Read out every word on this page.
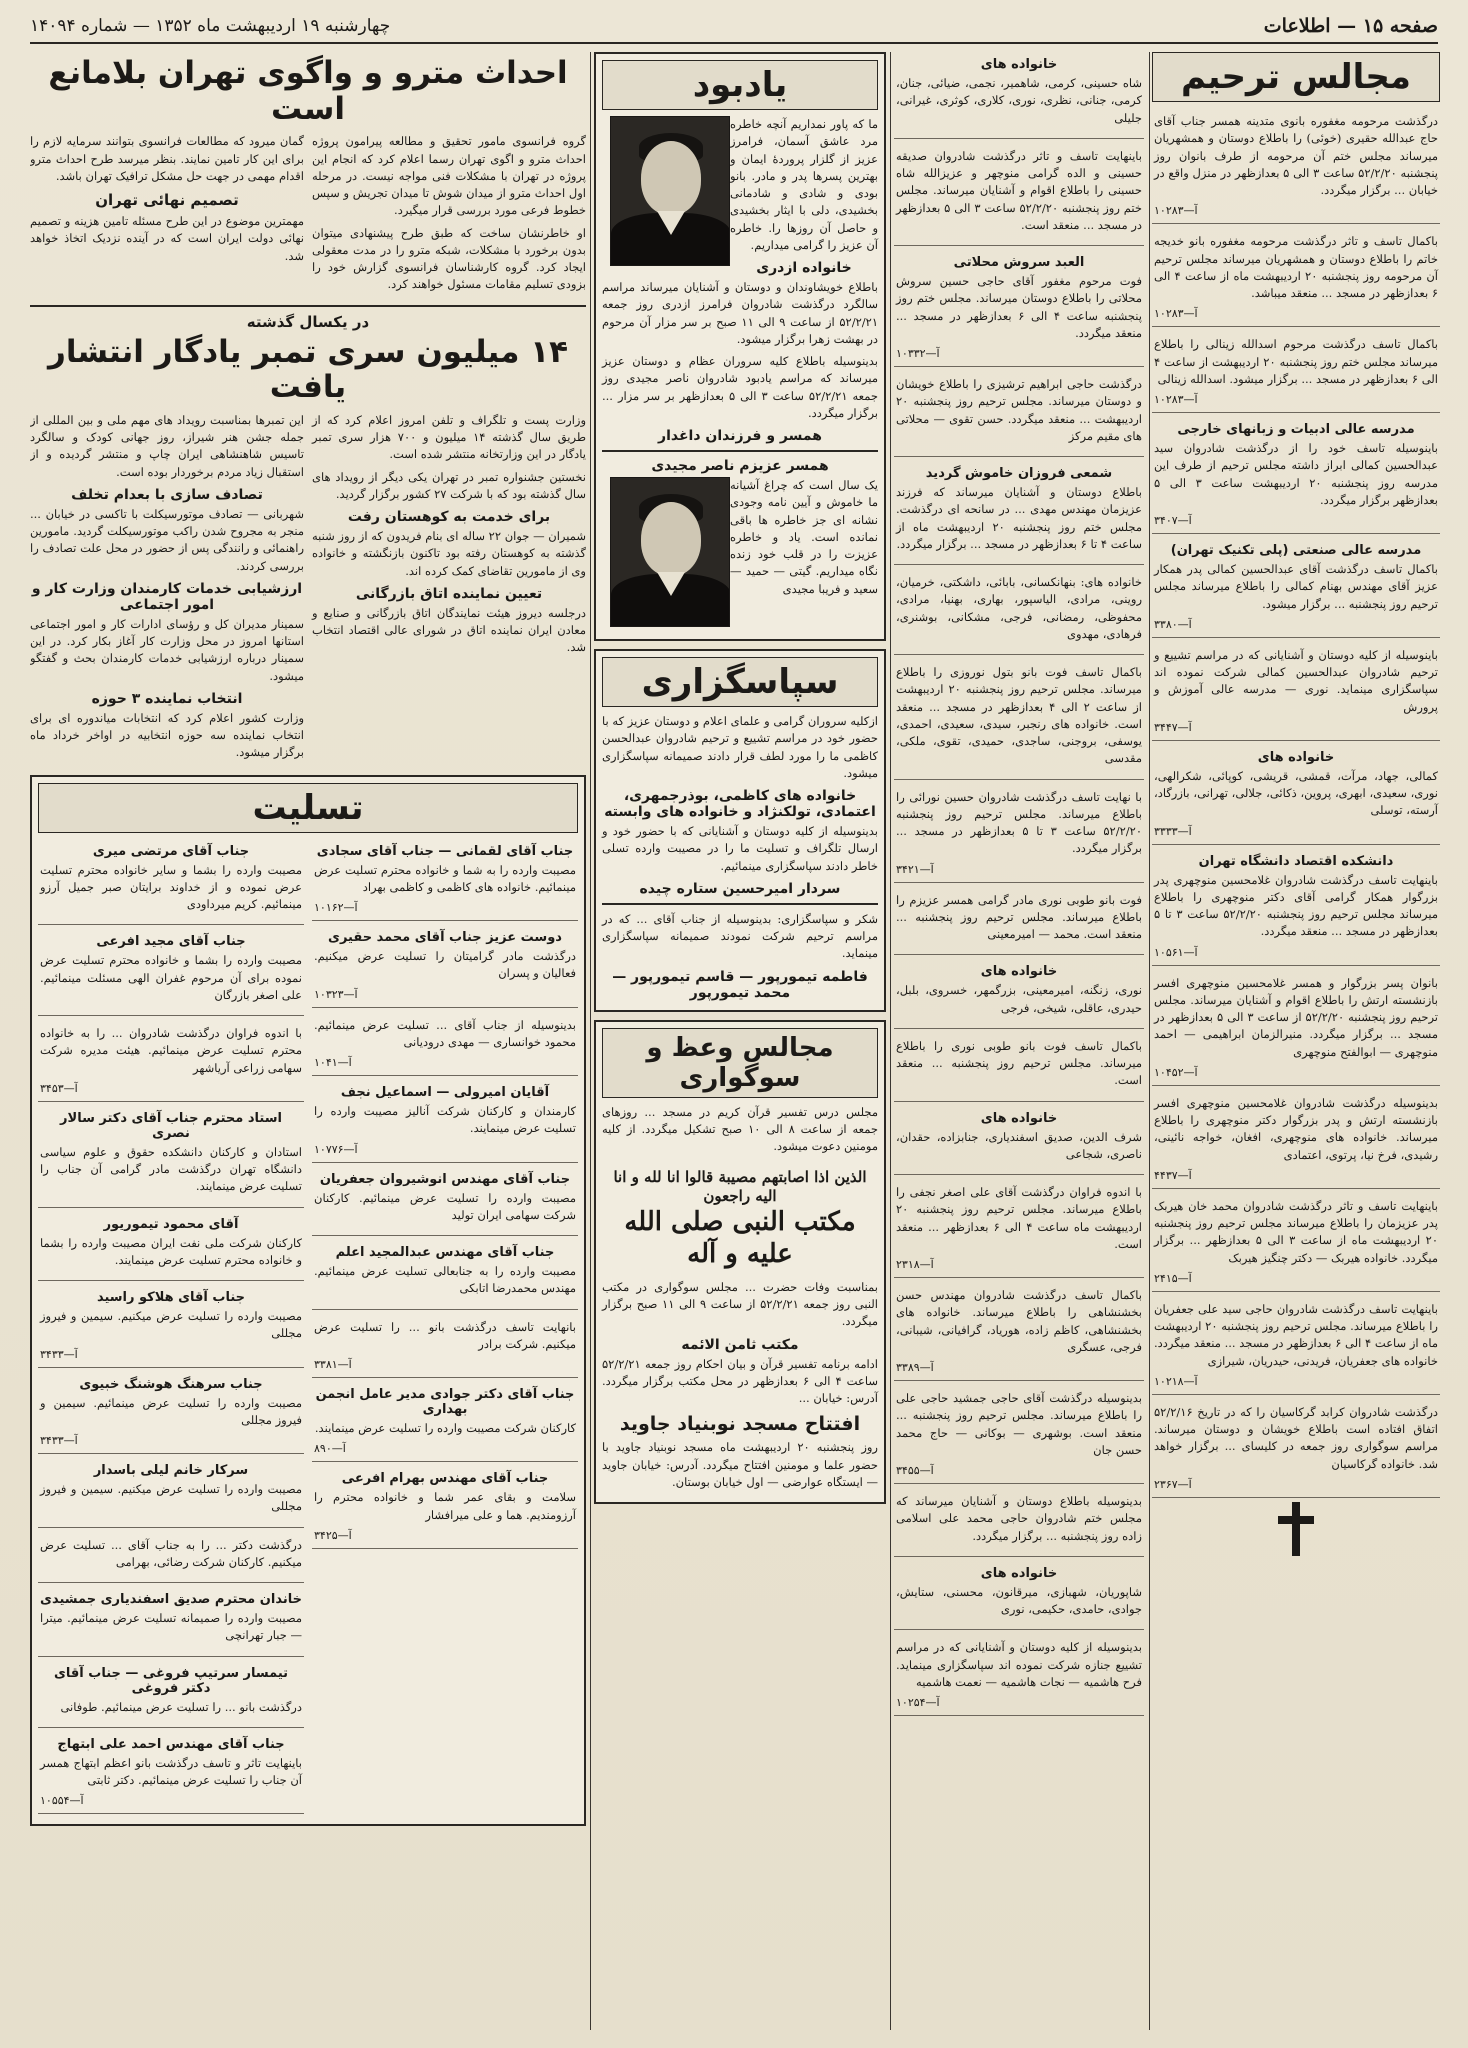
صفحه ۱۵ — اطلاعات
چهارشنبه ۱۹ اردیبهشت ماه ۱۳۵۲ — شماره ۱۴۰۹۴
مجالس ترحیم

درگذشت مرحومه مغفوره بانوی متدینه همسر جناب آقای حاج عبدالله حقیری (خوئی) را باطلاع دوستان و همشهریان میرساند مجلس ختم آن مرحومه از طرف بانوان روز پنجشنبه ۵۲/۲/۲۰ ساعت ۳ الی ۵ بعدازظهر در منزل واقع در خیابان ... برگزار میگردد.

آ—۱۰۲۸۳

باکمال تاسف و تاثر درگذشت مرحومه مغفوره بانو خدیجه خاتم را باطلاع دوستان و همشهریان میرساند مجلس ترحیم آن مرحومه روز پنجشنبه ۲۰ اردیبهشت ماه از ساعت ۴ الی ۶ بعدازظهر در مسجد ... منعقد میباشد.

آ—۱۰۲۸۳

باکمال تاسف درگذشت مرحوم اسدالله زینالی را باطلاع میرساند مجلس ختم روز پنجشنبه ۲۰ اردیبهشت از ساعت ۴ الی ۶ بعدازظهر در مسجد ... برگزار میشود. اسدالله زینالی

آ—۱۰۲۸۳
مدرسه عالی ادبیات و زبانهای خارجی

باینوسیله تاسف خود را از درگذشت شادروان سید عبدالحسین کمالی ابراز داشته مجلس ترحیم از طرف این مدرسه روز پنجشنبه ۲۰ اردیبهشت ساعت ۳ الی ۵ بعدازظهر برگزار میگردد.

آ—۳۴۰۷
مدرسه عالی صنعتی (پلی تکنیک تهران)

باکمال تاسف درگذشت آقای عبدالحسین کمالی پدر همکار عزیز آقای مهندس بهنام کمالی را باطلاع میرساند مجلس ترحیم روز پنجشنبه ... برگزار میشود.

آ—۳۳۸۰

باینوسیله از کلیه دوستان و آشنایانی که در مراسم تشییع و ترحیم شادروان عبدالحسین کمالی شرکت نموده اند سپاسگزاری مینماید. نوری — مدرسه عالی آموزش و پرورش

آ—۳۴۴۷
خانواده های

کمالی، جهاد، مرآت، قمشی، قریشی، کوپائی، شکرالهی، نوری، سعیدی، ابهری، پروین، ذکائی، جلالی، تهرانی، بازرگاد، آرسته، توسلی

آ—۳۳۳۳
دانشکده اقتصاد دانشگاه تهران

باینهایت تاسف درگذشت شادروان غلامحسین منوچهری پدر بزرگوار همکار گرامی آقای دکتر منوچهری را باطلاع میرساند مجلس ترحیم روز پنجشنبه ۵۲/۲/۲۰ ساعت ۳ تا ۵ بعدازظهر در مسجد ... منعقد میگردد.

آ—۱۰۵۶۱

بانوان پسر بزرگوار و همسر غلامحسین منوچهری افسر بازنشسته ارتش را باطلاع اقوام و آشنایان میرساند. مجلس ترحیم روز پنجشنبه ۵۲/۲/۲۰ از ساعت ۳ الی ۵ بعدازظهر در مسجد ... برگزار میگردد. منیرالزمان ابراهیمی — احمد منوچهری — ابوالفتح منوچهری

آ—۱۰۴۵۲

بدینوسیله درگذشت شادروان غلامحسین منوچهری افسر بازنشسته ارتش و پدر بزرگوار دکتر منوچهری را باطلاع میرساند. خانواده های منوچهری، افغان، خواجه نائینی، رشیدی، فرخ نیا، پرتوی، اعتمادی

آ—۴۴۳۷

باینهایت تاسف و تاثر درگذشت شادروان محمد خان هیربک پدر عزیزمان را باطلاع میرساند مجلس ترحیم روز پنجشنبه ۲۰ اردیبهشت ماه از ساعت ۳ الی ۵ بعدازظهر ... برگزار میگردد. خانواده هیربک — دکتر چنگیز هیربک

آ—۲۴۱۵

باینهایت تاسف درگذشت شادروان حاجی سید علی جعفریان را باطلاع میرساند. مجلس ترحیم روز پنجشنبه ۲۰ اردیبهشت ماه از ساعت ۴ الی ۶ بعدازظهر در مسجد ... منعقد میگردد. خانواده های جعفریان، فریدنی، حیدریان، شیرازی

آ—۱۰۲۱۸

درگذشت شادروان کرابد گرکاسیان را که در تاریخ ۵۲/۲/۱۶ اتفاق افتاده است باطلاع خویشان و دوستان میرساند. مراسم سوگواری روز جمعه در کلیسای ... برگزار خواهد شد. خانواده گرکاسیان

آ—۲۳۶۷
خانواده های

شاه حسینی، کرمی، شاهمیر، نجمی، ضیائی، جنان، کرمی، جنانی، نظری، نوری، کلاری، کوثری، غیرانی، جلیلی

باینهایت تاسف و تاثر درگذشت شادروان صدیقه حسینی و الده گرامی منوچهر و عزیزالله شاه حسینی را باطلاع اقوام و آشنایان میرساند. مجلس ختم روز پنجشنبه ۵۲/۲/۲۰ ساعت ۳ الی ۵ بعدازظهر در مسجد ... منعقد است.

العبد سروش محلاتی

فوت مرحوم مغفور آقای حاجی حسین سروش محلاتی را باطلاع دوستان میرساند. مجلس ختم روز پنجشنبه ساعت ۴ الی ۶ بعدازظهر در مسجد ... منعقد میگردد.

آ—۱۰۳۳۲

درگذشت حاجی ابراهیم ترشیزی را باطلاع خویشان و دوستان میرساند. مجلس ترحیم روز پنجشنبه ۲۰ اردیبهشت ... منعقد میگردد. حسن تقوی — محلاتی های مقیم مرکز

شمعی فروزان خاموش گردید

باطلاع دوستان و آشنایان میرساند که فرزند عزیزمان مهندس مهدی ... در سانحه ای درگذشت. مجلس ختم روز پنجشنبه ۲۰ اردیبهشت ماه از ساعت ۴ تا ۶ بعدازظهر در مسجد ... برگزار میگردد.

خانواده های: بنهانکسانی، بابائی، داشکتی، خرمیان، روینی، مرادی، الیاسپور، بهاری، بهنیا، مرادی، محفوظی، رمضانی، فرجی، مشکانی، بوشنری، فرهادی، مهدوی

باکمال تاسف فوت بانو بتول نوروزی را باطلاع میرساند. مجلس ترحیم روز پنجشنبه ۲۰ اردیبهشت از ساعت ۲ الی ۴ بعدازظهر در مسجد ... منعقد است. خانواده های رنجبر، سیدی، سعیدی، احمدی، یوسفی، بروجنی، ساجدی، حمیدی، تقوی، ملکی، مقدسی

با نهایت تاسف درگذشت شادروان حسین نورائی را باطلاع میرساند. مجلس ترحیم روز پنجشنبه ۵۲/۲/۲۰ ساعت ۳ تا ۵ بعدازظهر در مسجد ... برگزار میگردد.

آ—۳۴۲۱

فوت بانو طوبی نوری مادر گرامی همسر عزیزم را باطلاع میرساند. مجلس ترحیم روز پنجشنبه ... منعقد است. محمد — امیرمعینی

خانواده های

نوری، زنگنه، امیرمعینی، بزرگمهر، خسروی، بلبل، حیدری، عاقلی، شیخی، فرجی

باکمال تاسف فوت بانو طوبی نوری را باطلاع میرساند. مجلس ترحیم روز پنجشنبه ... منعقد است.

خانواده های

شرف الدین، صدیق اسفندیاری، جنابزاده، حقدان، ناصری، شجاعی

با اندوه فراوان درگذشت آقای علی اصغر نجفی را باطلاع میرساند. مجلس ترحیم روز پنجشنبه ۲۰ اردیبهشت ماه ساعت ۴ الی ۶ بعدازظهر ... منعقد است.

آ—۲۳۱۸

باکمال تاسف درگذشت شادروان مهندس حسن بخشنشاهی را باطلاع میرساند. خانواده های بخشنشاهی، کاظم زاده، هوریاد، گرافیانی، شیبانی، فرجی، عسگری

آ—۳۳۸۹

بدینوسیله درگذشت آقای حاجی جمشید حاجی علی را باطلاع میرساند. مجلس ترحیم روز پنجشنبه ... منعقد است. بوشهری — بوکانی — حاج محمد حسن جان

آ—۳۴۵۵

بدینوسیله باطلاع دوستان و آشنایان میرساند که مجلس ختم شادروان حاجی محمد علی اسلامی زاده روز پنجشنبه ... برگزار میگردد.

خانواده های

شاپوریان، شهبازی، میرقانون، محسنی، ستایش، جوادی، حامدی، حکیمی، نوری

بدینوسیله از کلیه دوستان و آشنایانی که در مراسم تشییع جنازه شرکت نموده اند سپاسگزاری مینماید. فرح هاشمیه — نجات هاشمیه — نعمت هاشمیه

آ—۱۰۲۵۴
یادبود

ما که پاور نمداریم آنچه خاطره مرد عاشق آسمان، فرامرز عزیز از گلزار پروردهٔ ایمان و بهترین پسرها پدر و مادر. بانو بودی و شادی و شادمانی بخشیدی، دلی با ایثار بخشیدی و حاصل آن روزها را. خاطره آن عزیز را گرامی میداریم.

خانواده ازدری

باطلاع خویشاوندان و دوستان و آشنایان میرساند مراسم سالگرد درگذشت شادروان فرامرز ازدری روز جمعه ۵۲/۲/۲۱ از ساعت ۹ الی ۱۱ صبح بر سر مزار آن مرحوم در بهشت زهرا برگزار میشود.

بدینوسیله باطلاع کلیه سروران عظام و دوستان عزیز میرساند که مراسم یادبود شادروان ناصر مجیدی روز جمعه ۵۲/۲/۲۱ ساعت ۳ الی ۵ بعدازظهر بر سر مزار ... برگزار میگردد.

همسر و فرزندان داغدار
همسر عزیزم ناصر مجیدی

یک سال است که چراغ آشیانه ما خاموش و آیین نامه وجودی نشانه ای جز خاطره ها باقی نمانده است. یاد و خاطره عزیزت را در قلب خود زنده نگاه میداریم. گیتی — حمید — سعید و فریبا مجیدی

سپاسگزاری

ازکلیه سروران گرامی و علمای اعلام و دوستان عزیز که با حضور خود در مراسم تشییع و ترحیم شادروان عبدالحسن کاظمی ما را مورد لطف قرار دادند صمیمانه سپاسگزاری میشود.

خانواده های کاظمی، بوذرجمهری، اعتمادی، تولکنژاد و خانواده های وابسته

بدینوسیله از کلیه دوستان و آشنایانی که با حضور خود و ارسال تلگراف و تسلیت ما را در مصیبت وارده تسلی خاطر دادند سپاسگزاری مینمائیم.

سردار امیرحسین ستاره چیده

شکر و سپاسگزاری: بدینوسیله از جناب آقای ... که در مراسم ترحیم شرکت نمودند صمیمانه سپاسگزاری مینماید.

فاطمه تیمورپور — قاسم تیمورپور — محمد تیمورپور
مجالس وعظ و سوگواری

مجلس درس تفسیر قرآن کریم در مسجد ... روزهای جمعه از ساعت ۸ الی ۱۰ صبح تشکیل میگردد. از کلیه مومنین دعوت میشود.

الذین اذا اصابتهم مصیبة قالوا انا لله و انا الیه راجعون
مکتب النبی صلی الله علیه و آله

بمناسبت وفات حضرت ... مجلس سوگواری در مکتب النبی روز جمعه ۵۲/۲/۲۱ از ساعت ۹ الی ۱۱ صبح برگزار میگردد.

مکتب ثامن الائمه

ادامه برنامه تفسیر قرآن و بیان احکام روز جمعه ۵۲/۲/۲۱ ساعت ۴ الی ۶ بعدازظهر در محل مکتب برگزار میگردد. آدرس: خیابان ...

افتتاح مسجد نوبنیاد جاوید

روز پنجشنبه ۲۰ اردیبهشت ماه مسجد نوبنیاد جاوید با حضور علما و مومنین افتتاح میگردد. آدرس: خیابان جاوید — ایستگاه عوارضی — اول خیابان بوستان.

احداث مترو و واگوی تهران بلامانع است

گروه فرانسوی مامور تحقیق و مطالعه پیرامون پروژه احداث مترو و اگوی تهران رسما اعلام کرد که انجام این پروژه در تهران با مشکلات فنی مواجه نیست. در مرحله اول احداث مترو از میدان شوش تا میدان تجریش و سپس خطوط فرعی مورد بررسی قرار میگیرد.

او خاطرنشان ساخت که طبق طرح پیشنهادی میتوان بدون برخورد با مشکلات، شبکه مترو را در مدت معقولی ایجاد کرد. گروه کارشناسان فرانسوی گزارش خود را بزودی تسلیم مقامات مسئول خواهند کرد.

گمان میرود که مطالعات فرانسوی بتوانند سرمایه لازم را برای این کار تامین نمایند. بنظر میرسد طرح احداث مترو اقدام مهمی در جهت حل مشکل ترافیک تهران باشد.

تصمیم نهائی تهران

مهمترین موضوع در این طرح مسئله تامین هزینه و تصمیم نهائی دولت ایران است که در آینده نزدیک اتخاذ خواهد شد.

در یکسال گذشته
۱۴ میلیون سری تمبر یادگار انتشار یافت

وزارت پست و تلگراف و تلفن امروز اعلام کرد که از طریق سال گذشته ۱۴ میلیون و ۷۰۰ هزار سری تمبر یادگار در این وزارتخانه منتشر شده است.

نخستین جشنواره تمبر در تهران یکی دیگر از رویداد های سال گذشته بود که با شرکت ۲۷ کشور برگزار گردید.

برای خدمت به کوهستان رفت

شمیران — جوان ۲۲ ساله ای بنام فریدون که از روز شنبه گذشته به کوهستان رفته بود تاکنون بازنگشته و خانواده وی از مامورین تقاضای کمک کرده اند.

تعیین نماینده اتاق بازرگانی

درجلسه دیروز هیئت نمایندگان اتاق بازرگانی و صنایع و معادن ایران نماینده اتاق در شورای عالی اقتصاد انتخاب شد.

این تمبرها بمناسبت رویداد های مهم ملی و بین المللی از جمله جشن هنر شیراز، روز جهانی کودک و سالگرد تاسیس شاهنشاهی ایران چاپ و منتشر گردیده و از استقبال زیاد مردم برخوردار بوده است.

تصادف سازی با بعدام تخلف

شهربانی — تصادف موتورسیکلت با تاکسی در خیابان ... منجر به مجروح شدن راکب موتورسیکلت گردید. مامورین راهنمائی و رانندگی پس از حضور در محل علت تصادف را بررسی کردند.

ارزشیابی خدمات کارمندان وزارت کار و امور اجتماعی

سمینار مدیران کل و رؤسای ادارات کار و امور اجتماعی استانها امروز در محل وزارت کار آغاز بکار کرد. در این سمینار درباره ارزشیابی خدمات کارمندان بحث و گفتگو میشود.

انتخاب نماینده ۳ حوزه

وزارت کشور اعلام کرد که انتخابات میاندوره ای برای انتخاب نماینده سه حوزه انتخابیه در اواخر خرداد ماه برگزار میشود.

تسلیت
جناب آقای لقمانی — جناب آقای سجادی

مصیبت وارده را به شما و خانواده محترم تسلیت عرض مینمائیم. خانواده های کاظمی و کاظمی بهراد

آ—۱۰۱۶۲
دوست عزیز جناب آقای محمد حقیری

درگذشت مادر گرامیتان را تسلیت عرض میکنیم. فعالیان و پسران

آ—۱۰۳۲۳

بدینوسیله از جناب آقای ... تسلیت عرض مینمائیم. محمود خوانساری — مهدی درودیانی

آ—۱۰۴۱
آقایان امیرولی — اسماعیل نجف

کارمندان و کارکنان شرکت آنالیز مصیبت وارده را تسلیت عرض مینمایند.

آ—۱۰۷۷۶
جناب آقای مهندس انوشیروان جعفریان

مصیبت وارده را تسلیت عرض مینمائیم. کارکنان شرکت سهامی ایران تولید

جناب آقای مهندس عبدالمجید اعلم

مصیبت وارده را به جنابعالی تسلیت عرض مینمائیم. مهندس محمدرضا اتابکی

بانهایت تاسف درگذشت بانو ... را تسلیت عرض میکنیم. شرکت برادر

آ—۳۳۸۱
جناب آقای دکتر جوادی مدیر عامل انجمن بهداری

کارکنان شرکت مصیبت وارده را تسلیت عرض مینمایند.

آ—۸۹۰
جناب آقای مهندس بهرام افرعی

سلامت و بقای عمر شما و خانواده محترم را آرزومندیم. هما و علی میرافشار

آ—۳۴۲۵
جناب آقای مرتضی میری

مصیبت وارده را بشما و سایر خانواده محترم تسلیت عرض نموده و از خداوند برایتان صبر جمیل آرزو مینمائیم. کریم میرداودی

جناب آقای مجید افرعی

مصیبت وارده را بشما و خانواده محترم تسلیت عرض نموده برای آن مرحوم غفران الهی مسئلت مینمائیم. علی اصغر بازرگان

با اندوه فراوان درگذشت شادروان ... را به خانواده محترم تسلیت عرض مینمائیم. هیئت مدیره شرکت سهامی زراعی آریاشهر

آ—۳۴۵۳
استاد محترم جناب آقای دکتر سالار نصری

استادان و کارکنان دانشکده حقوق و علوم سیاسی دانشگاه تهران درگذشت مادر گرامی آن جناب را تسلیت عرض مینمایند.

آقای محمود تیموریور

کارکنان شرکت ملی نفت ایران مصیبت وارده را بشما و خانواده محترم تسلیت عرض مینمایند.

جناب آقای هلاکو راسید

مصیبت وارده را تسلیت عرض میکنیم. سیمین و فیروز مجللی

آ—۳۴۳۳
جناب سرهنگ هوشنگ خبیوی

مصیبت وارده را تسلیت عرض مینمائیم. سیمین و فیروز مجللی

آ—۳۴۳۳
سرکار خانم لیلی باسدار

مصیبت وارده را تسلیت عرض میکنیم. سیمین و فیروز مجللی

درگذشت دکتر ... را به جناب آقای ... تسلیت عرض میکنیم. کارکنان شرکت رضائی، بهرامی

خاندان محترم صدیق اسفندیاری جمشیدی

مصیبت وارده را صمیمانه تسلیت عرض مینمائیم. میترا — جبار تهرانچی

تیمسار سرتیپ فروغی — جناب آقای دکتر فروغی

درگذشت بانو ... را تسلیت عرض مینمائیم. طوفانی

جناب آقای مهندس احمد علی ابتهاج

باینهایت تاثر و تاسف درگذشت بانو اعظم ابتهاج همسر آن جناب را تسلیت عرض مینمائیم. دکتر ثابتی

آ—۱۰۵۵۴
